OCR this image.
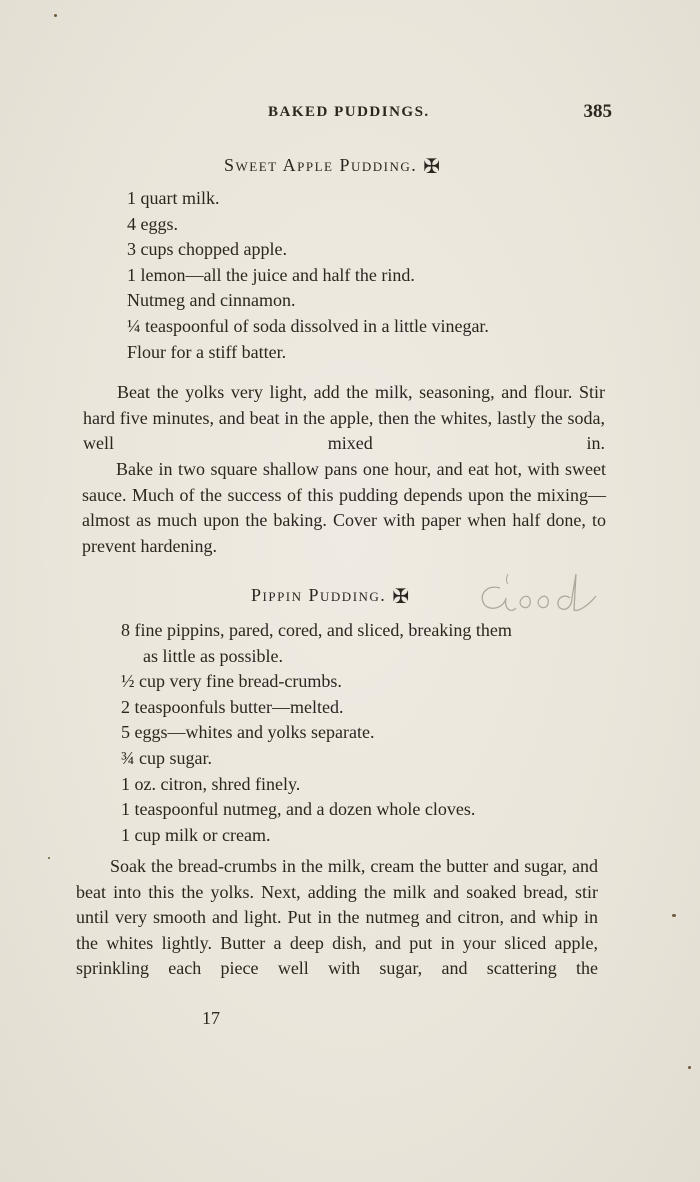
BAKED PUDDINGS.	385
Sweet Apple Pudding. ✠
1 quart milk.
4 eggs.
3 cups chopped apple.
1 lemon—all the juice and half the rind.
Nutmeg and cinnamon.
¼ teaspoonful of soda dissolved in a little vinegar.
Flour for a stiff batter.

Beat the yolks very light, add the milk, seasoning, and flour. Stir hard five minutes, and beat in the apple, then the whites, lastly the soda, well mixed in.

Bake in two square shallow pans one hour, and eat hot, with sweet sauce. Much of the success of this pudding depends upon the mixing—almost as much upon the baking. Cover with paper when half done, to prevent hardening.

Pippin Pudding. ✠
8 fine pippins, pared, cored, and sliced, breaking them
as little as possible.
½ cup very fine bread-crumbs.
2 teaspoonfuls butter—melted.
5 eggs—whites and yolks separate.
¾ cup sugar.
1 oz. citron, shred finely.
1 teaspoonful nutmeg, and a dozen whole cloves.
1 cup milk or cream.

Soak the bread-crumbs in the milk, cream the butter and sugar, and beat into this the yolks. Next, adding the milk and soaked bread, stir until very smooth and light. Put in the nutmeg and citron, and whip in the whites lightly. Butter a deep dish, and put in your sliced apple, sprinkling each piece well with sugar, and scattering the

17
